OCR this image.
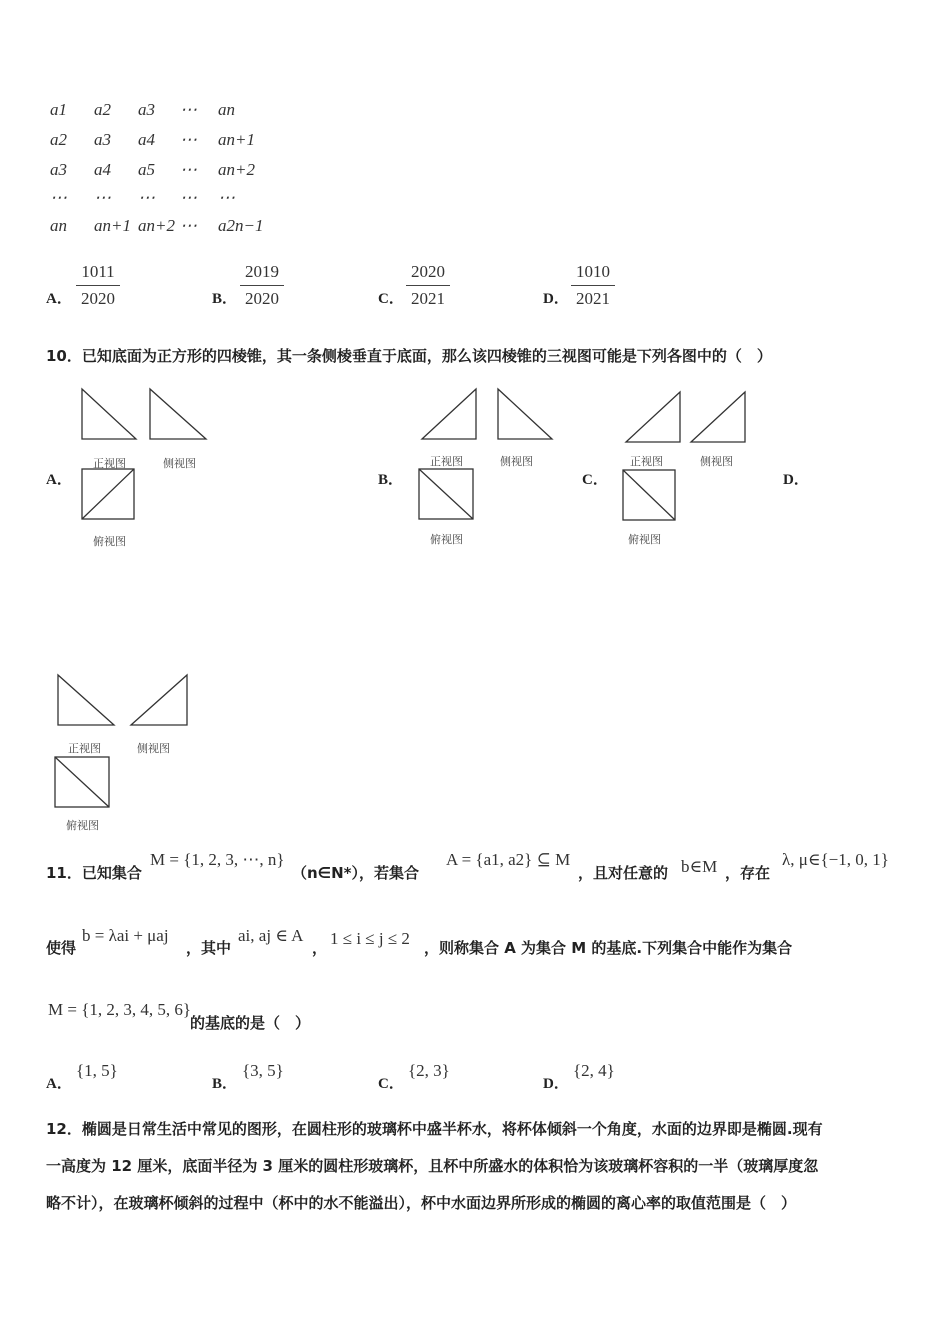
a1 a2 a3 ⋯ an
a2 a3 a4 ⋯ an+1
a3 a4 a5 ⋯ an+2
⋯ ⋯ ⋯ ⋯ ⋯
an an+1 an+2 ⋯ a2n−1
A． $\frac{1011}{2020}$	B． $\frac{2019}{2020}$	C． $\frac{2020}{2021}$	D． $\frac{1010}{2021}$
10．已知底面为正方形的四棱锥，其一条侧棱垂直于底面，那么该四棱锥的三视图可能是下列各图中的（　）
正视图	侧视图
A．
俯视图
B．
正视图	侧视图
俯视图
C．
正视图	侧视图
俯视图
D．
正视图	侧视图
俯视图
11．已知集合
M = {1, 2, 3, ⋯, n}
（n∈N*），若集合
A = {a1, a2} ⊆ M
，且对任意的 b∈M ，存在
λ, μ∈{−1, 0, 1}
使得
b = λai + μaj
，其中
ai, aj ∈ A
， 1 ≤ i ≤ j ≤ 2 ，则称集合 A 为集合 M 的基底.下列集合中能作为集合
M = {1, 2, 3, 4, 5, 6}
的基底的是（　）
A．
{1, 5}
B．
{3, 5}
C．
{2, 3}
D．
{2, 4}
12．椭圆是日常生活中常见的图形，在圆柱形的玻璃杯中盛半杯水，将杯体倾斜一个角度，水面的边界即是椭圆.现有
一高度为 12 厘米，底面半径为 3 厘米的圆柱形玻璃杯，且杯中所盛水的体积恰为该玻璃杯容积的一半（玻璃厚度忽
略不计），在玻璃杯倾斜的过程中（杯中的水不能溢出），杯中水面边界所形成的椭圆的离心率的取值范围是（　）
